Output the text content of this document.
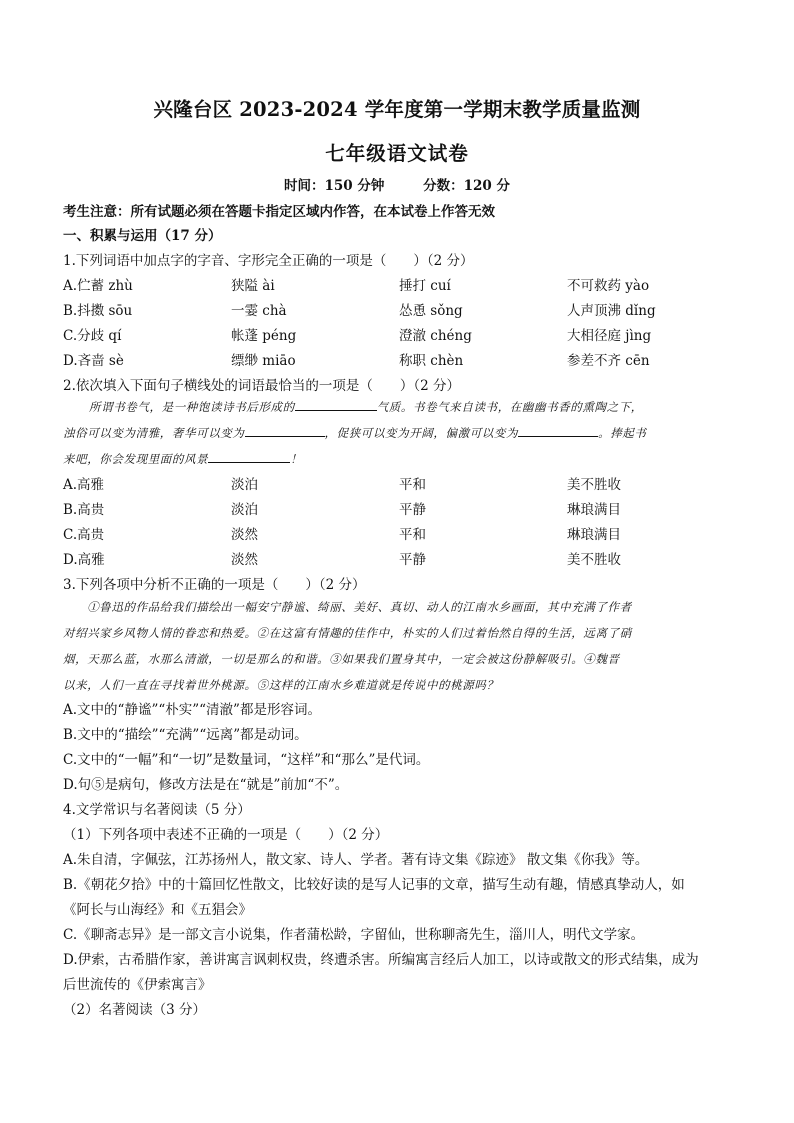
兴隆台区 2023-2024 学年度第一学期末教学质量监测
七年级语文试卷
时间：150 分钟	分数：120 分
考生注意：所有试题必须在答题卡指定区域内作答，在本试卷上作答无效
一、积累与运用（17 分）
1.下列词语中加点字的字音、字形完全正确的一项是（　　）（2 分）
A.伫蓄 zhù	狭隘 ài	捶打 cuí	不可救药 yào
B.抖擞 sōu	一霎 chà	怂恿 sǒng	人声顶沸 dǐng
C.分歧 qí	帐蓬 péng	澄澈 chéng	大相径庭 jìng
D.吝啬 sè	缥缈 miāo	称职 chèn	参差不齐 cēn
2.依次填入下面句子横线处的词语最恰当的一项是（　　）（2 分）
所谓书卷气，是一种饱读诗书后形成的	气质。书卷气来自读书，在幽幽书香的熏陶之下，
浊俗可以变为清雅，奢华可以变为	，促狭可以变为开阔，偏激可以变为	。捧起书
来吧，你会发现里面的风景	！
A.高雅	淡泊	平和	美不胜收
B.高贵	淡泊	平静	琳琅满目
C.高贵	淡然	平和	琳琅满目
D.高雅	淡然	平静	美不胜收
3.下列各项中分析不正确的一项是（　　）（2 分）
　　①鲁迅的作品给我们描绘出一幅安宁静谧、绮丽、美好、真切、动人的江南水乡画面，其中充满了作者
对绍兴家乡风物人情的眷恋和热爱。②在这富有情趣的佳作中，朴实的人们过着怡然自得的生活，远离了硝
烟，天那么蓝，水那么清澈，一切是那么的和谐。③如果我们置身其中，一定会被这份静解吸引。④魏晋
以来，人们一直在寻找着世外桃源。⑤这样的江南水乡难道就是传说中的桃源吗？
A.文中的“静谧”“朴实”“清澈”都是形容词。
B.文中的“描绘”“充满”“远离”都是动词。
C.文中的“一幅”和“一切”是数量词，“这样”和“那么”是代词。
D.句⑤是病句，修改方法是在“就是”前加“不”。
4.文学常识与名著阅读（5 分）
（1）下列各项中表述不正确的一项是（　　）（2 分）
A.朱自清，字佩弦，江苏扬州人，散文家、诗人、学者。著有诗文集《踪迹》 散文集《你我》等。
B.《朝花夕拾》中的十篇回忆性散文，比较好读的是写人记事的文章，描写生动有趣，情感真挚动人，如
《阿长与山海经》和《五猖会》
C.《聊斋志异》是一部文言小说集，作者蒲松龄，字留仙，世称聊斋先生，淄川人，明代文学家。
D.伊索，古希腊作家，善讲寓言讽刺权贵，终遭杀害。所编寓言经后人加工，以诗或散文的形式结集，成为
后世流传的《伊索寓言》
（2）名著阅读（3 分）
